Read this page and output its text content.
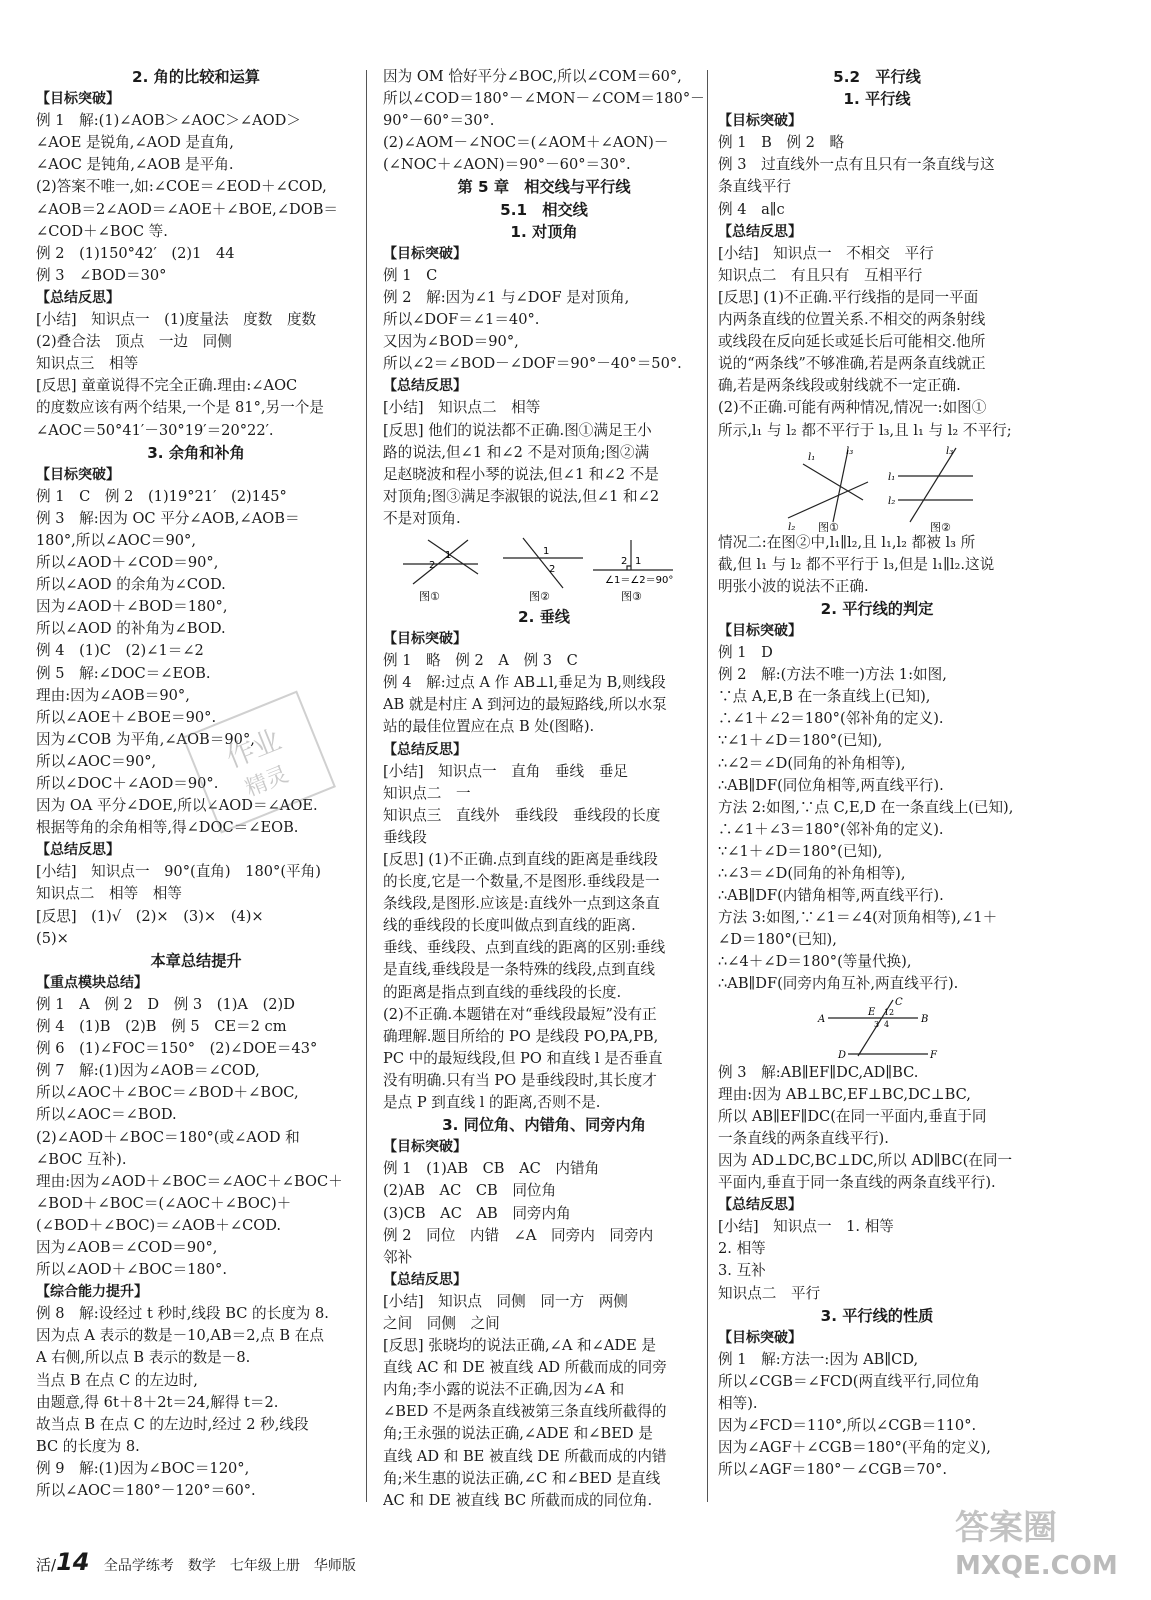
2. 角的比较和运算
【目标突破】
例 1　解:(1)∠AOB＞∠AOC＞∠AOD＞
∠AOE 是锐角,∠AOD 是直角,
∠AOC 是钝角,∠AOB 是平角.
(2)答案不唯一,如:∠COE＝∠EOD＋∠COD,
∠AOB＝2∠AOD＝∠AOE＋∠BOE,∠DOB＝
∠COD＋∠BOC 等.
例 2　(1)150°42′　(2)1　44
例 3　∠BOD＝30°
【总结反思】
[小结]　知识点一　(1)度量法　度数　度数
(2)叠合法　顶点　一边　同侧
知识点三　相等
[反思] 童童说得不完全正确.理由:∠AOC
的度数应该有两个结果,一个是 81°,另一个是
∠AOC＝50°41′－30°19′＝20°22′.
3. 余角和补角
【目标突破】
例 1　C　例 2　(1)19°21′　(2)145°
例 3　解:因为 OC 平分∠AOB,∠AOB＝
180°,所以∠AOC＝90°,
所以∠AOD＋∠COD＝90°,
所以∠AOD 的余角为∠COD.
因为∠AOD＋∠BOD＝180°,
所以∠AOD 的补角为∠BOD.
例 4　(1)C　(2)∠1＝∠2
例 5　解:∠DOC＝∠EOB.
理由:因为∠AOB＝90°,
所以∠AOE＋∠BOE＝90°.
因为∠COB 为平角,∠AOB＝90°,
所以∠AOC＝90°,
所以∠DOC＋∠AOD＝90°.
因为 OA 平分∠DOE,所以∠AOD＝∠AOE.
根据等角的余角相等,得∠DOC＝∠EOB.
【总结反思】
[小结]　知识点一　90°(直角)　180°(平角)
知识点二　相等　相等
[反思]　(1)√　(2)×　(3)×　(4)×
(5)×
本章总结提升
【重点模块总结】
例 1　A　例 2　D　例 3　(1)A　(2)D
例 4　(1)B　(2)B　例 5　CE＝2 cm
例 6　(1)∠FOC＝150°　(2)∠DOE＝43°
例 7　解:(1)因为∠AOB＝∠COD,
所以∠AOC＋∠BOC＝∠BOD＋∠BOC,
所以∠AOC＝∠BOD.
(2)∠AOD＋∠BOC＝180°(或∠AOD 和
∠BOC 互补).
理由:因为∠AOD＋∠BOC＝∠AOC＋∠BOC＋
∠BOD＋∠BOC＝(∠AOC＋∠BOC)＋
(∠BOD＋∠BOC)＝∠AOB＋∠COD.
因为∠AOB＝∠COD＝90°,
所以∠AOD＋∠BOC＝180°.
【综合能力提升】
例 8　解:设经过 t 秒时,线段 BC 的长度为 8.
因为点 A 表示的数是－10,AB＝2,点 B 在点
A 右侧,所以点 B 表示的数是－8.
当点 B 在点 C 的左边时,
由题意,得 6t＋8＋2t＝24,解得 t＝2.
故当点 B 在点 C 的左边时,经过 2 秒,线段
BC 的长度为 8.
例 9　解:(1)因为∠BOC＝120°,
所以∠AOC＝180°－120°＝60°.
因为 OM 恰好平分∠BOC,所以∠COM＝60°,
所以∠COD＝180°－∠MON－∠COM＝180°－
90°－60°＝30°.
(2)∠AOM－∠NOC＝(∠AOM＋∠AON)－
(∠NOC＋∠AON)＝90°－60°＝30°.
第 5 章　相交线与平行线
5.1　相交线
1. 对顶角
【目标突破】
例 1　C
例 2　解:因为∠1 与∠DOF 是对顶角,
所以∠DOF＝∠1＝40°.
又因为∠BOD＝90°,
所以∠2＝∠BOD－∠DOF＝90°－40°＝50°.
【总结反思】
[小结]　知识点二　相等
[反思] 他们的说法都不正确.图①满足王小
路的说法,但∠1 和∠2 不是对顶角;图②满
足赵晓波和程小琴的说法,但∠1 和∠2 不是
对顶角;图③满足李淑银的说法,但∠1 和∠2
不是对顶角.
2
1	1
2
2 1
∠1＝∠2＝90°
图①	图②	图③
2. 垂线
【目标突破】
例 1　略　例 2　A　例 3　C
例 4　解:过点 A 作 AB⊥l,垂足为 B,则线段
AB 就是村庄 A 到河边的最短路线,所以水泵
站的最佳位置应在点 B 处(图略).
【总结反思】
[小结]　知识点一　直角　垂线　垂足
知识点二　一
知识点三　直线外　垂线段　垂线段的长度
垂线段
[反思] (1)不正确.点到直线的距离是垂线段
的长度,它是一个数量,不是图形.垂线段是一
条线段,是图形.应该是:直线外一点到这条直
线的垂线段的长度叫做点到直线的距离.
垂线、垂线段、点到直线的距离的区别:垂线
是直线,垂线段是一条特殊的线段,点到直线
的距离是指点到直线的垂线段的长度.
(2)不正确.本题错在对“垂线段最短”没有正
确理解.题目所给的 PO 是线段 PO,PA,PB,
PC 中的最短线段,但 PO 和直线 l 是否垂直
没有明确.只有当 PO 是垂线段时,其长度才
是点 P 到直线 l 的距离,否则不是.
3. 同位角、内错角、同旁内角
【目标突破】
例 1　(1)AB　CB　AC　内错角
(2)AB　AC　CB　同位角
(3)CB　AC　AB　同旁内角
例 2　同位　内错　∠A　同旁内　同旁内
邻补
【总结反思】
[小结]　知识点　同侧　同一方　两侧
之间　同侧　之间
[反思] 张晓均的说法正确,∠A 和∠ADE 是
直线 AC 和 DE 被直线 AD 所截而成的同旁
内角;李小露的说法不正确,因为∠A 和
∠BED 不是两条直线被第三条直线所截得的
角;王永强的说法正确,∠ADE 和∠BED 是
直线 AD 和 BE 被直线 DE 所截而成的内错
角;米生惠的说法正确,∠C 和∠BED 是直线
AC 和 DE 被直线 BC 所截而成的同位角.
5.2　平行线
1. 平行线
【目标突破】
例 1　B　例 2　略
例 3　过直线外一点有且只有一条直线与这
条直线平行
例 4　a∥c
【总结反思】
[小结]　知识点一　不相交　平行
知识点二　有且只有　互相平行
[反思] (1)不正确.平行线指的是同一平面
内两条直线的位置关系.不相交的两条射线
或线段在反向延长或延长后可能相交.他所
说的“两条线”不够准确,若是两条直线就正
确,若是两条线段或射线就不一定正确.
(2)不正确.可能有两种情况,情况一:如图①
所示,l₁ 与 l₂ 都不平行于 l₃,且 l₁ 与 l₂ 不平行;
l₁
l₃
l₂
l₁
l₂
l₃
图①	图②
情况二:在图②中,l₁∥l₂,且 l₁,l₂ 都被 l₃ 所
截,但 l₁ 与 l₂ 都不平行于 l₃,但是 l₁∥l₂.这说
明张小波的说法不正确.
2. 平行线的判定
【目标突破】
例 1　D
例 2　解:(方法不唯一)方法 1:如图,
∵点 A,E,B 在一条直线上(已知),
∴∠1＋∠2＝180°(邻补角的定义).
∵∠1＋∠D＝180°(已知),
∴∠2＝∠D(同角的补角相等),
∴AB∥DF(同位角相等,两直线平行).
方法 2:如图,∵点 C,E,D 在一条直线上(已知),
∴∠1＋∠3＝180°(邻补角的定义).
∵∠1＋∠D＝180°(已知),
∴∠3＝∠D(同角的补角相等),
∴AB∥DF(内错角相等,两直线平行).
方法 3:如图,∵∠1＝∠4(对顶角相等),∠1＋
∠D＝180°(已知),
∴∠4＋∠D＝180°(等量代换),
∴AB∥DF(同旁内角互补,两直线平行).
A	B
C
D
E
F
1 2
3 4
例 3　解:AB∥EF∥DC,AD∥BC.
理由:因为 AB⊥BC,EF⊥BC,DC⊥BC,
所以 AB∥EF∥DC(在同一平面内,垂直于同
一条直线的两条直线平行).
因为 AD⊥DC,BC⊥DC,所以 AD∥BC(在同一
平面内,垂直于同一条直线的两条直线平行).
【总结反思】
[小结]　知识点一　1. 相等
2. 相等
3. 互补
知识点二　平行
3. 平行线的性质
【目标突破】
例 1　解:方法一:因为 AB∥CD,
所以∠CGB＝∠FCD(两直线平行,同位角
相等).
因为∠FCD＝110°,所以∠CGB＝110°.
因为∠AGF＋∠CGB＝180°(平角的定义),
所以∠AGF＝180°－∠CGB＝70°.
作业
精灵
活/14 全品学练考　数学　七年级上册　华师版
答案圈
MXQE.COM
